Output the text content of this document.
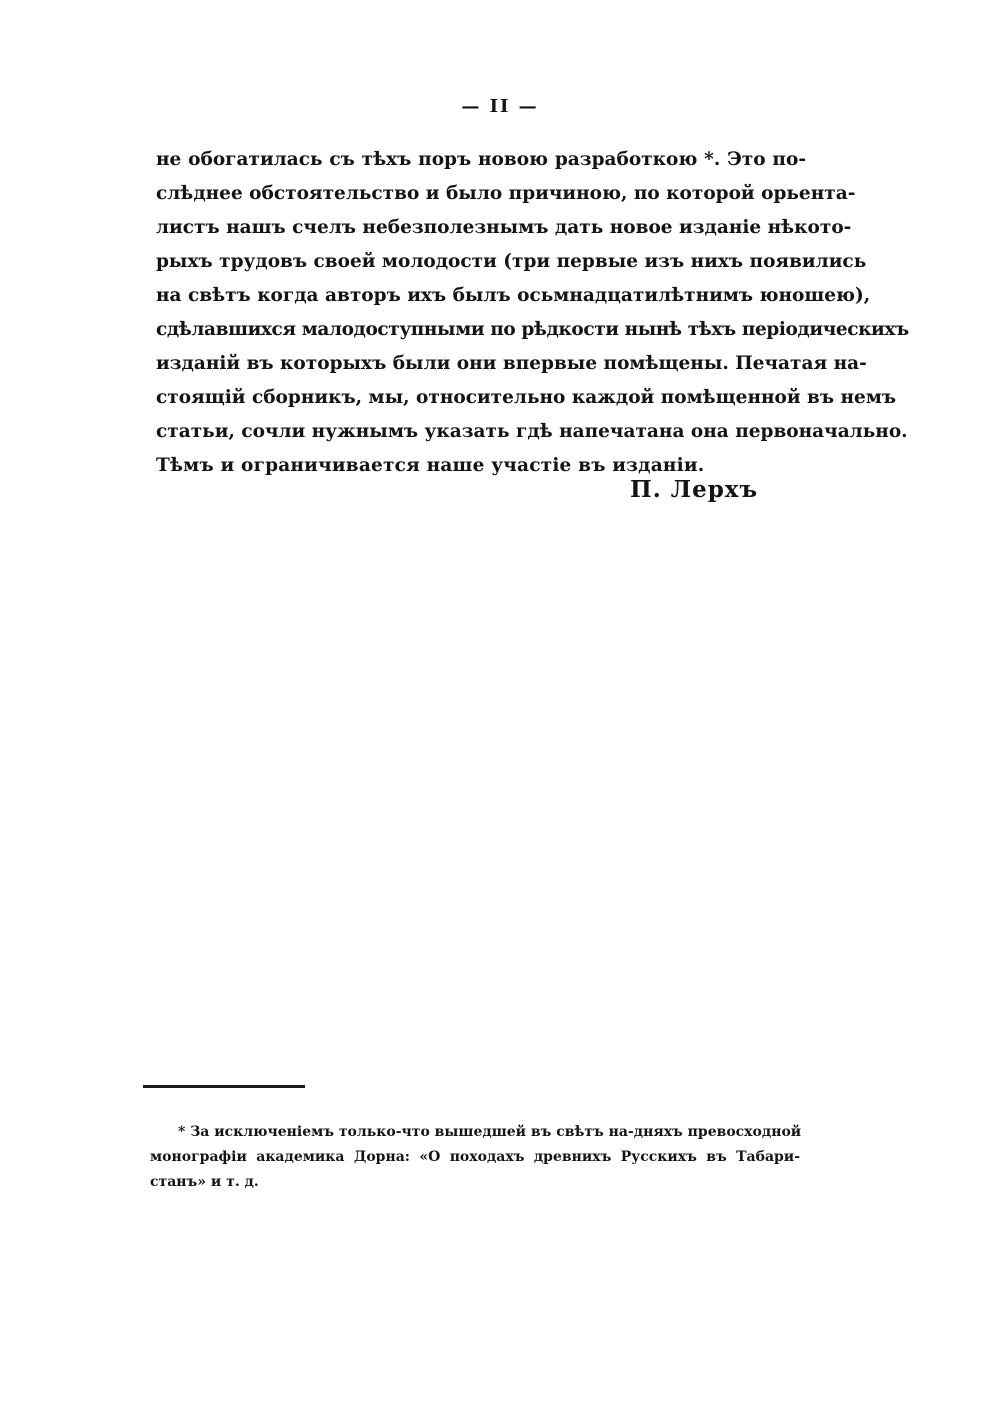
— II —
не обогатилась съ тѣхъ поръ новою разработкою *. Это по-
слѣднее обстоятельство и было причиною, по которой орьента-
листъ нашъ счелъ небезполезнымъ дать новое изданіе нѣкото-
рыхъ трудовъ своей молодости (три первые изъ нихъ появились
на свѣтъ когда авторъ ихъ былъ осьмнадцатилѣтнимъ юношею),
сдѣлавшихся малодоступными по рѣдкости нынѣ тѣхъ періодическихъ
изданій въ которыхъ были они впервые помѣщены. Печатая на-
стоящій сборникъ, мы, относительно каждой помѣщенной въ немъ
статьи, сочли нужнымъ указать гдѣ напечатана она первоначально.
Тѣмъ и ограничивается наше участіе въ изданіи.
П. Лерхъ
* За исключеніемъ только-что вышедшей въ свѣтъ на-дняхъ превосходной
монографіи академика Дорна: «О походахъ древнихъ Русскихъ въ Табари-
станъ» и т. д.
